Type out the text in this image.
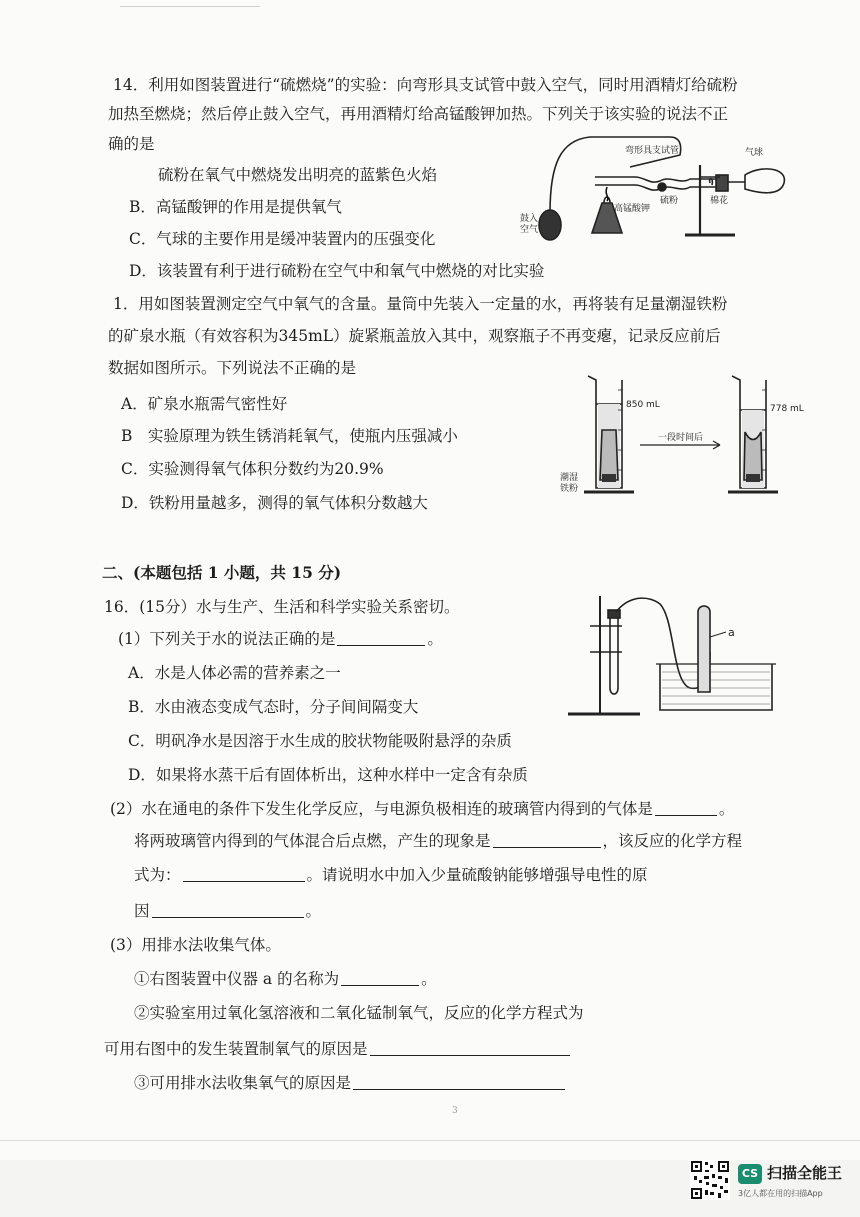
14．利用如图装置进行“硫燃烧”的实验：向弯形具支试管中鼓入空气，同时用酒精灯给硫粉
加热至燃烧；然后停止鼓入空气，再用酒精灯给高锰酸钾加热。下列关于该实验的说法不正
确的是
硫粉在氧气中燃烧发出明亮的蓝紫色火焰
B．高锰酸钾的作用是提供氧气
C．气球的主要作用是缓冲装置内的压强变化
D．该装置有利于进行硫粉在空气中和氧气中燃烧的对比实验
弯形具支试管	气球
高锰酸钾
硫粉	棉花
鼓入
空气
1．用如图装置测定空气中氧气的含量。量筒中先装入一定量的水，再将装有足量潮湿铁粉
的矿泉水瓶（有效容积为345mL）旋紧瓶盖放入其中，观察瓶子不再变瘪，记录反应前后
数据如图所示。下列说法不正确的是
A．矿泉水瓶需气密性好
B　实验原理为铁生锈消耗氧气，使瓶内压强减小
C．实验测得氧气体积分数约为20.9%
D．铁粉用量越多，测得的氧气体积分数越大
850 mL	778 mL
一段时间后
潮湿
铁粉
二、(本题包括 1 小题，共 15 分)
16．(15分）水与生产、生活和科学实验关系密切。
(1）下列关于水的说法正确的是	。
A．水是人体必需的营养素之一
B．水由液态变成气态时，分子间间隔变大
C．明矾净水是因溶于水生成的胶状物能吸附悬浮的杂质
D．如果将水蒸干后有固体析出，这种水样中一定含有杂质
(2）水在通电的条件下发生化学反应，与电源负极相连的玻璃管内得到的气体是	。
将两玻璃管内得到的气体混合后点燃，产生的现象是	，该反应的化学方程
式为：	。请说明水中加入少量硫酸钠能够增强导电性的原
因	。
(3）用排水法收集气体。
①右图装置中仪器 a 的名称为	。
②实验室用过氧化氢溶液和二氧化锰制氧气，反应的化学方程式为
可用右图中的发生装置制氧气的原因是
③可用排水法收集氧气的原因是
a
3
CS 扫描全能王
3亿人都在用的扫描App
